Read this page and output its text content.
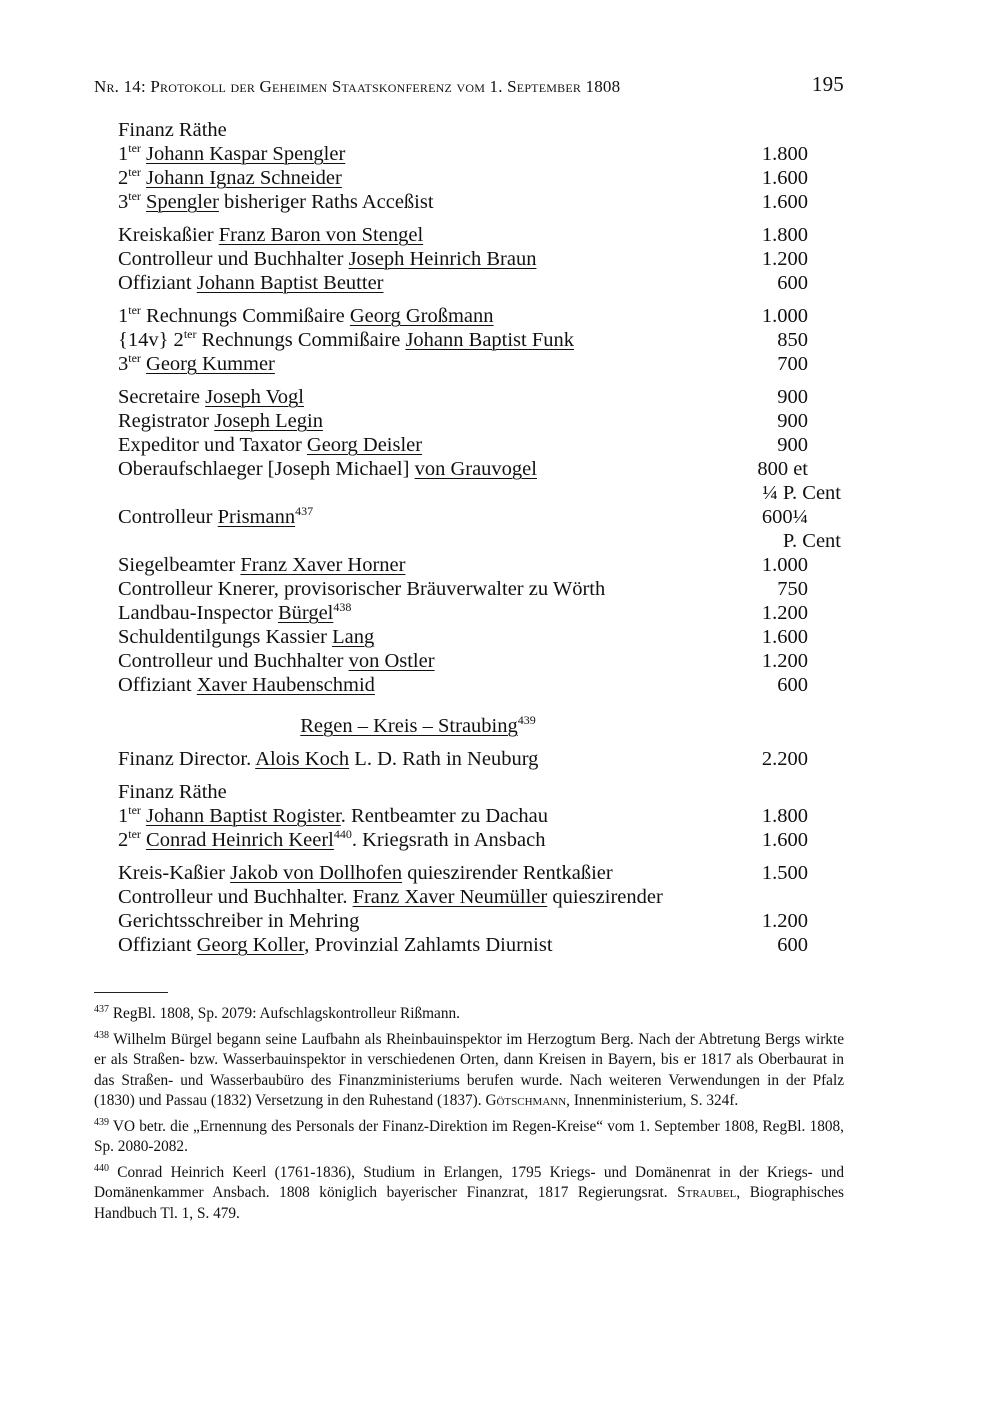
Nr. 14: Protokoll der Geheimen Staatskonferenz vom 1. September 1808	195
Finanz Räthe
$1^{ter}$ Johann Kaspar Spengler	1.800
$2^{ter}$ Johann Ignaz Schneider	1.600
$3^{ter}$ Spengler bisheriger Raths Acceßist	1.600
Kreiskaßier Franz Baron von Stengel	1.800
Controlleur und Buchhalter Joseph Heinrich Braun	1.200
Offiziant Johann Baptist Beutter	600
$1^{ter}$ Rechnungs Commißaire Georg Großmann	1.000
{14v} $2^{ter}$ Rechnungs Commißaire Johann Baptist Funk	850
$3^{ter}$ Georg Kummer	700
Secretaire Joseph Vogl	900
Registrator Joseph Legin	900
Expeditor und Taxator Georg Deisler	900
Oberaufschlaeger [Joseph Michael] von Grauvogel	800 et
¼ P. Cent
Controlleur Prismann$^{437}$	600¼
P. Cent
Siegelbeamter Franz Xaver Horner	1.000
Controlleur Knerer, provisorischer Bräuverwalter zu Wörth	750
Landbau-Inspector Bürgel$^{438}$	1.200
Schuldentilgungs Kassier Lang	1.600
Controlleur und Buchhalter von Ostler	1.200
Offiziant Xaver Haubenschmid	600
Regen – Kreis – Straubing$^{439}$
Finanz Director. Alois Koch L. D. Rath in Neuburg	2.200
Finanz Räthe
$1^{ter}$ Johann Baptist Rogister. Rentbeamter zu Dachau	1.800
$2^{ter}$ Conrad Heinrich Keerl$^{440}$. Kriegsrath in Ansbach	1.600
Kreis-Kaßier Jakob von Dollhofen quieszirender Rentkaßier	1.500
Controlleur und Buchhalter. Franz Xaver Neumüller quieszirender
Gerichtsschreiber in Mehring	1.200
Offiziant Georg Koller, Provinzial Zahlamts Diurnist	600
$^{437}$ RegBl. 1808, Sp. 2079: Aufschlagskontrolleur Rißmann.
$^{438}$ Wilhelm Bürgel begann seine Laufbahn als Rheinbauinspektor im Herzogtum Berg. Nach der Abtretung Bergs wirkte er als Straßen- bzw. Wasserbauinspektor in verschiedenen Orten, dann Kreisen in Bayern, bis er 1817 als Oberbaurat in das Straßen- und Wasserbaubüro des Finanzministeriums berufen wurde. Nach weiteren Verwendungen in der Pfalz (1830) und Passau (1832) Versetzung in den Ruhestand (1837). Götschmann, Innenministerium, S. 324f.
$^{439}$ VO betr. die „Ernennung des Personals der Finanz-Direktion im Regen-Kreise“ vom 1. September 1808, RegBl. 1808, Sp. 2080-2082.
$^{440}$ Conrad Heinrich Keerl (1761-1836), Studium in Erlangen, 1795 Kriegs- und Domänenrat in der Kriegs- und Domänenkammer Ansbach. 1808 königlich bayerischer Finanzrat, 1817 Regierungsrat. Straubel, Biographisches Handbuch Tl. 1, S. 479.
